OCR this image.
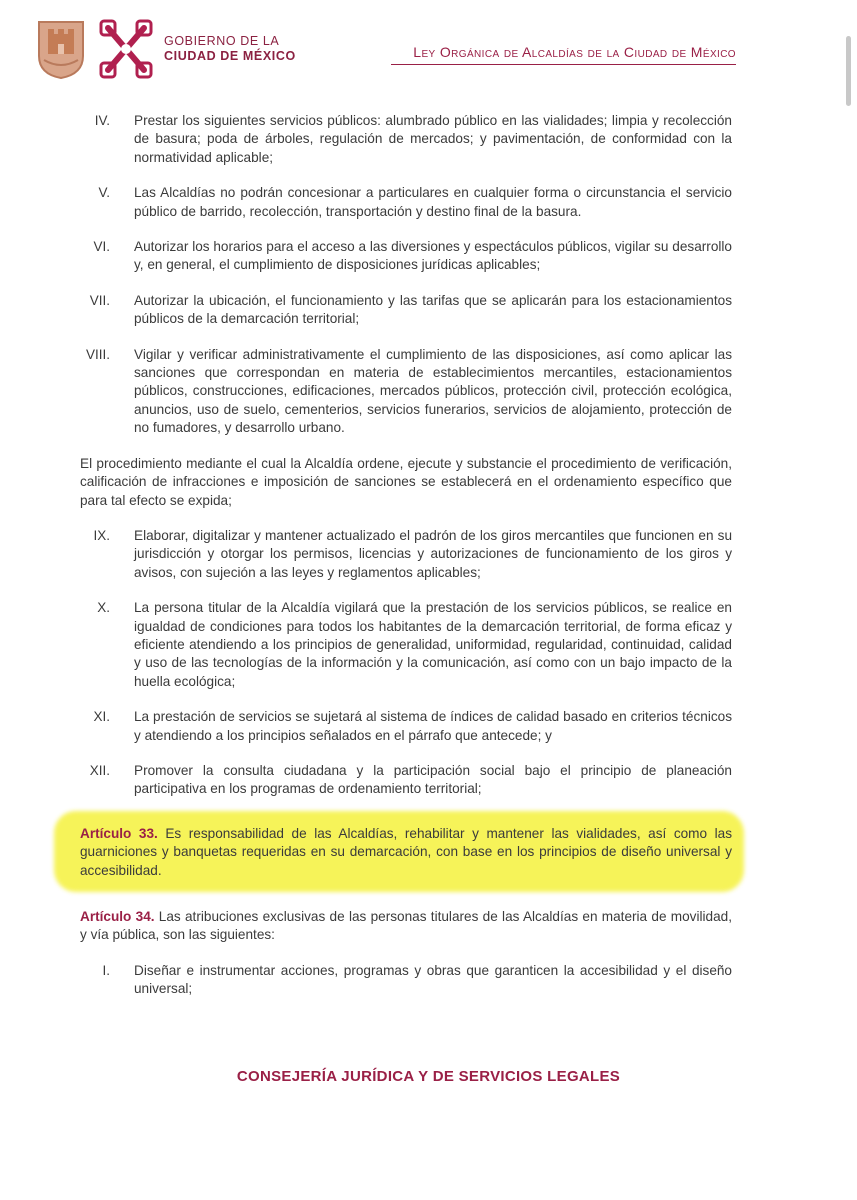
GOBIERNO DE LA
CIUDAD DE MÉXICO	Ley Orgánica de Alcaldías de la Ciudad de México
IV. Prestar los siguientes servicios públicos: alumbrado público en las vialidades; limpia y recolección de basura; poda de árboles, regulación de mercados; y pavimentación, de conformidad con la normatividad aplicable;
V. Las Alcaldías no podrán concesionar a particulares en cualquier forma o circunstancia el servicio público de barrido, recolección, transportación y destino final de la basura.
VI. Autorizar los horarios para el acceso a las diversiones y espectáculos públicos, vigilar su desarrollo y, en general, el cumplimiento de disposiciones jurídicas aplicables;
VII. Autorizar la ubicación, el funcionamiento y las tarifas que se aplicarán para los estacionamientos públicos de la demarcación territorial;
VIII. Vigilar y verificar administrativamente el cumplimiento de las disposiciones, así como aplicar las sanciones que correspondan en materia de establecimientos mercantiles, estacionamientos públicos, construcciones, edificaciones, mercados públicos, protección civil, protección ecológica, anuncios, uso de suelo, cementerios, servicios funerarios, servicios de alojamiento, protección de no fumadores, y desarrollo urbano.
El procedimiento mediante el cual la Alcaldía ordene, ejecute y substancie el procedimiento de verificación, calificación de infracciones e imposición de sanciones se establecerá en el ordenamiento específico que para tal efecto se expida;
IX. Elaborar, digitalizar y mantener actualizado el padrón de los giros mercantiles que funcionen en su jurisdicción y otorgar los permisos, licencias y autorizaciones de funcionamiento de los giros y avisos, con sujeción a las leyes y reglamentos aplicables;
X. La persona titular de la Alcaldía vigilará que la prestación de los servicios públicos, se realice en igualdad de condiciones para todos los habitantes de la demarcación territorial, de forma eficaz y eficiente atendiendo a los principios de generalidad, uniformidad, regularidad, continuidad, calidad y uso de las tecnologías de la información y la comunicación, así como con un bajo impacto de la huella ecológica;
XI. La prestación de servicios se sujetará al sistema de índices de calidad basado en criterios técnicos y atendiendo a los principios señalados en el párrafo que antecede; y
XII. Promover la consulta ciudadana y la participación social bajo el principio de planeación participativa en los programas de ordenamiento territorial;
Artículo 33. Es responsabilidad de las Alcaldías, rehabilitar y mantener las vialidades, así como las guarniciones y banquetas requeridas en su demarcación, con base en los principios de diseño universal y accesibilidad.
Artículo 34. Las atribuciones exclusivas de las personas titulares de las Alcaldías en materia de movilidad, y vía pública, son las siguientes:
I. Diseñar e instrumentar acciones, programas y obras que garanticen la accesibilidad y el diseño universal;
CONSEJERÍA JURÍDICA Y DE SERVICIOS LEGALES
